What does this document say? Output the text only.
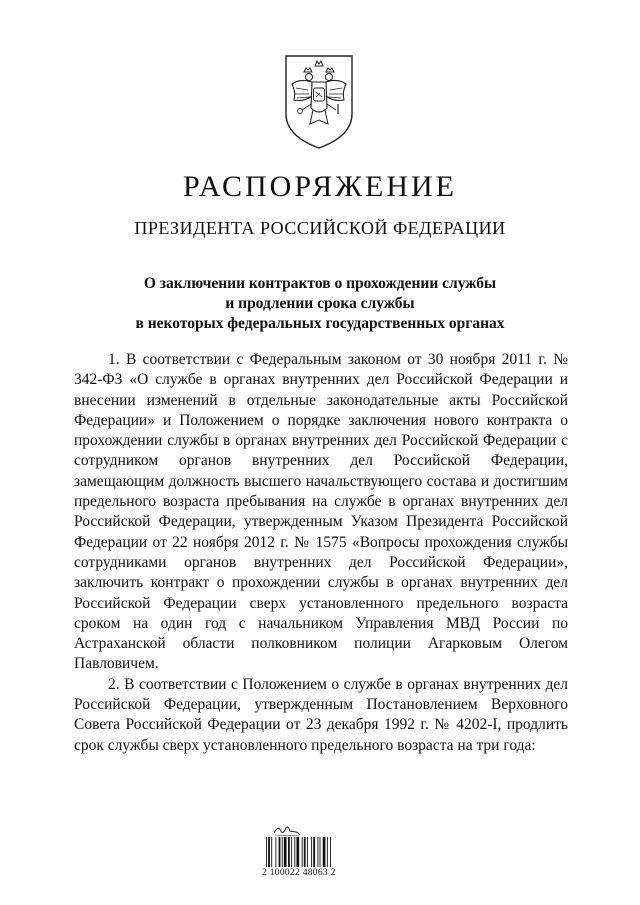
РАСПОРЯЖЕНИЕ
ПРЕЗИДЕНТА РОССИЙСКОЙ ФЕДЕРАЦИИ
О заключении контрактов о прохождении службы
и продлении срока службы
в некоторых федеральных государственных органах

1. В соответствии с Федеральным законом от 30 ноября 2011 г. № 342-ФЗ «О службе в органах внутренних дел Российской Федерации и внесении изменений в отдельные законодательные акты Российской Федерации» и Положением о порядке заключения нового контракта о прохождении службы в органах внутренних дел Российской Федерации с сотрудником органов внутренних дел Российской Федерации, замещающим должность высшего начальствующего состава и достигшим предельного возраста пребывания на службе в органах внутренних дел Российской Федерации, утвержденным Указом Президента Российской Федерации от 22 ноября 2012 г. № 1575 «Вопросы прохождения службы сотрудниками органов внутренних дел Российской Федерации», заключить контракт о прохождении службы в органах внутренних дел Российской Федерации сверх установленного предельного возраста сроком на один год с начальником Управления МВД России по Астраханской области полковником полиции Агарковым Олегом Павловичем.

2. В соответствии с Положением о службе в органах внутренних дел Российской Федерации, утвержденным Постановлением Верховного Совета Российской Федерации от 23 декабря 1992 г. № 4202-I, продлить срок службы сверх установленного предельного возраста на три года:

2 100022 48063 2
